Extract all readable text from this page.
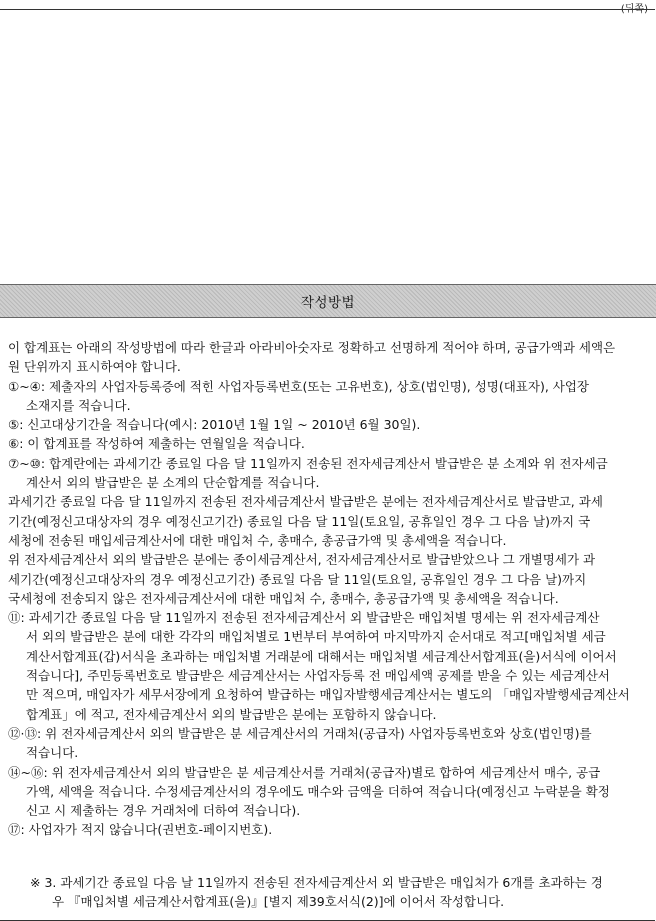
(뒤쪽)
작성방법

이 합계표는 아래의 작성방법에 따라 한글과 아라비아숫자로 정확하고 선명하게 적어야 하며, 공급가액과 세액은
원 단위까지 표시하여야 합니다.

①~④: 제출자의 사업자등록증에 적힌 사업자등록번호(또는 고유번호), 상호(법인명), 성명(대표자), 사업장
소재지를 적습니다.

⑤: 신고대상기간을 적습니다(예시: 2010년 1월 1일 ~ 2010년 6월 30일).

⑥: 이 합계표를 작성하여 제출하는 연월일을 적습니다.

⑦~⑩: 합계란에는 과세기간 종료일 다음 달 11일까지 전송된 전자세금계산서 발급받은 분 소계와 위 전자세금
계산서 외의 발급받은 분 소계의 단순합계를 적습니다.

과세기간 종료일 다음 달 11일까지 전송된 전자세금계산서 발급받은 분에는 전자세금계산서로 발급받고, 과세
기간(예정신고대상자의 경우 예정신고기간) 종료일 다음 달 11일(토요일, 공휴일인 경우 그 다음 날)까지 국
세청에 전송된 매입세금계산서에 대한 매입처 수, 총매수, 총공급가액 및 총세액을 적습니다.

위 전자세금계산서 외의 발급받은 분에는 종이세금계산서, 전자세금계산서로 발급받았으나 그 개별명세가 과
세기간(예정신고대상자의 경우 예정신고기간) 종료일 다음 달 11일(토요일, 공휴일인 경우 그 다음 날)까지
국세청에 전송되지 않은 전자세금계산서에 대한 매입처 수, 총매수, 총공급가액 및 총세액을 적습니다.

⑪: 과세기간 종료일 다음 달 11일까지 전송된 전자세금계산서 외 발급받은 매입처별 명세는 위 전자세금계산
서 외의 발급받은 분에 대한 각각의 매입처별로 1번부터 부여하여 마지막까지 순서대로 적고[매입처별 세금
계산서합계표(갑)서식을 초과하는 매입처별 거래분에 대해서는 매입처별 세금계산서합계표(을)서식에 이어서
적습니다], 주민등록번호로 발급받은 세금계산서는 사업자등록 전 매입세액 공제를 받을 수 있는 세금계산서
만 적으며, 매입자가 세무서장에게 요청하여 발급하는 매입자발행세금계산서는 별도의 「매입자발행세금계산서
합계표」에 적고, 전자세금계산서 외의 발급받은 분에는 포함하지 않습니다.

⑫·⑬: 위 전자세금계산서 외의 발급받은 분 세금계산서의 거래처(공급자) 사업자등록번호와 상호(법인명)를
적습니다.

⑭~⑯: 위 전자세금계산서 외의 발급받은 분 세금계산서를 거래처(공급자)별로 합하여 세금계산서 매수, 공급
가액, 세액을 적습니다. 수정세금계산서의 경우에도 매수와 금액을 더하여 적습니다(예정신고 누락분을 확정
신고 시 제출하는 경우 거래처에 더하여 적습니다).

⑰: 사업자가 적지 않습니다(권번호-페이지번호).

※ 3. 과세기간 종료일 다음 날 11일까지 전송된 전자세금계산서 외 발급받은 매입처가 6개를 초과하는 경
우 『매입처별 세금계산서합계표(을)』[별지 제39호서식(2)]에 이어서 작성합니다.
